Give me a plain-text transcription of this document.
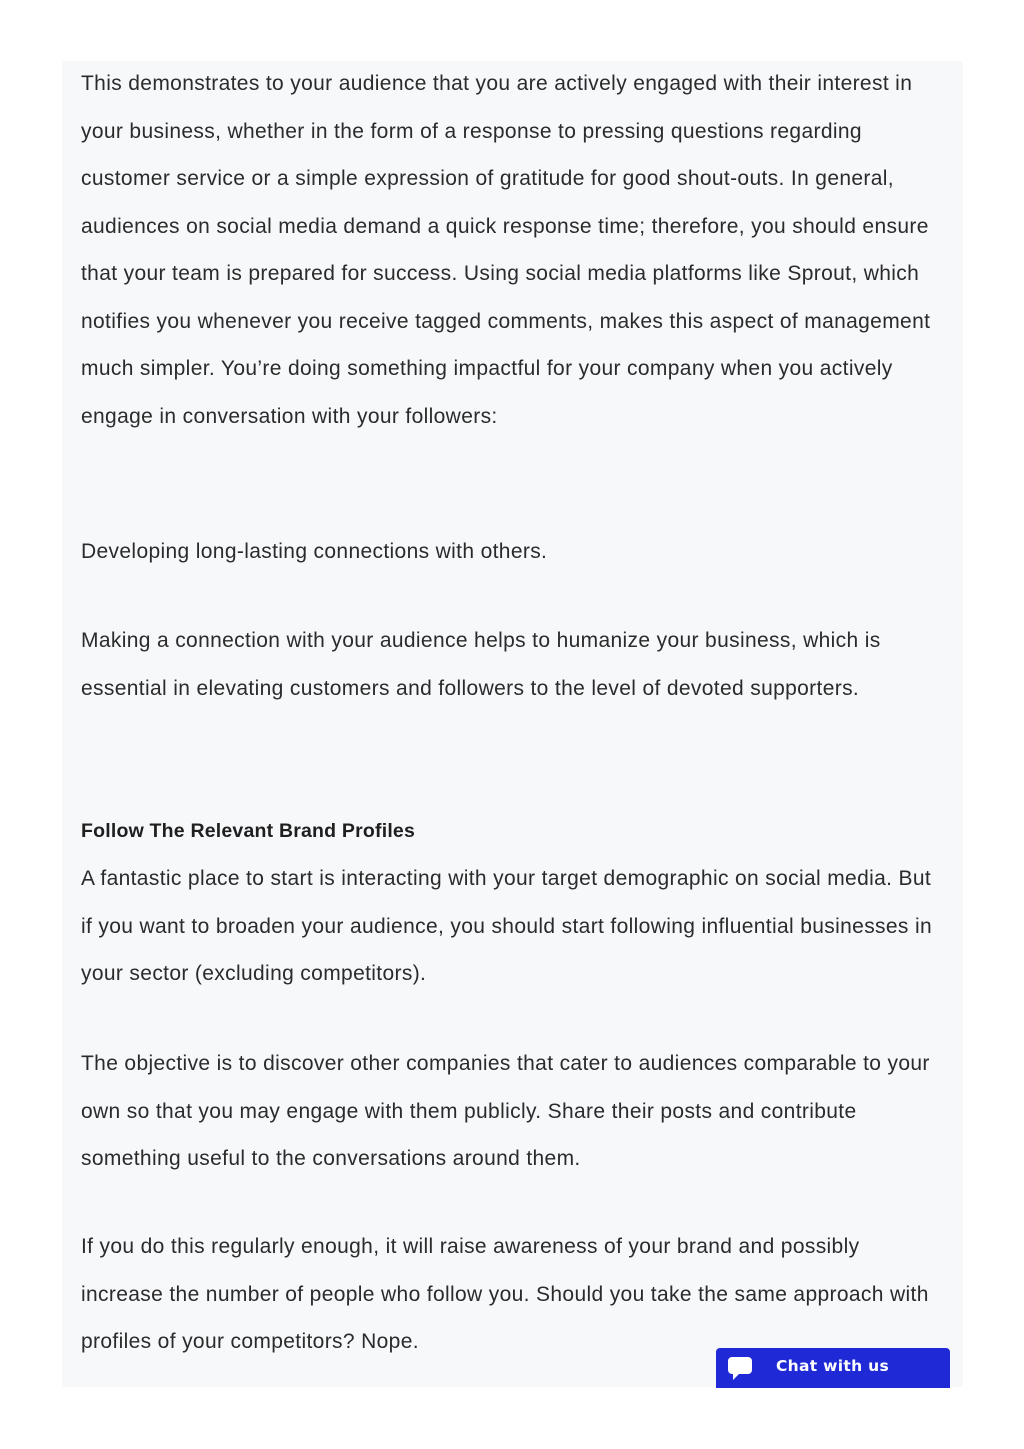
This demonstrates to your audience that you are actively engaged with their interest in your business, whether in the form of a response to pressing questions regarding customer service or a simple expression of gratitude for good shout-outs. In general, audiences on social media demand a quick response time; therefore, you should ensure that your team is prepared for success. Using social media platforms like Sprout, which notifies you whenever you receive tagged comments, makes this aspect of management much simpler. You’re doing something impactful for your company when you actively engage in conversation with your followers:

Developing long-lasting connections with others.

Making a connection with your audience helps to humanize your business, which is essential in elevating customers and followers to the level of devoted supporters.

Follow The Relevant Brand Profiles

A fantastic place to start is interacting with your target demographic on social media. But if you want to broaden your audience, you should start following influential businesses in your sector (excluding competitors).

The objective is to discover other companies that cater to audiences comparable to your own so that you may engage with them publicly. Share their posts and contribute something useful to the conversations around them.

If you do this regularly enough, it will raise awareness of your brand and possibly increase the number of people who follow you. Should you take the same approach with profiles of your competitors? Nope.

Chat with us
